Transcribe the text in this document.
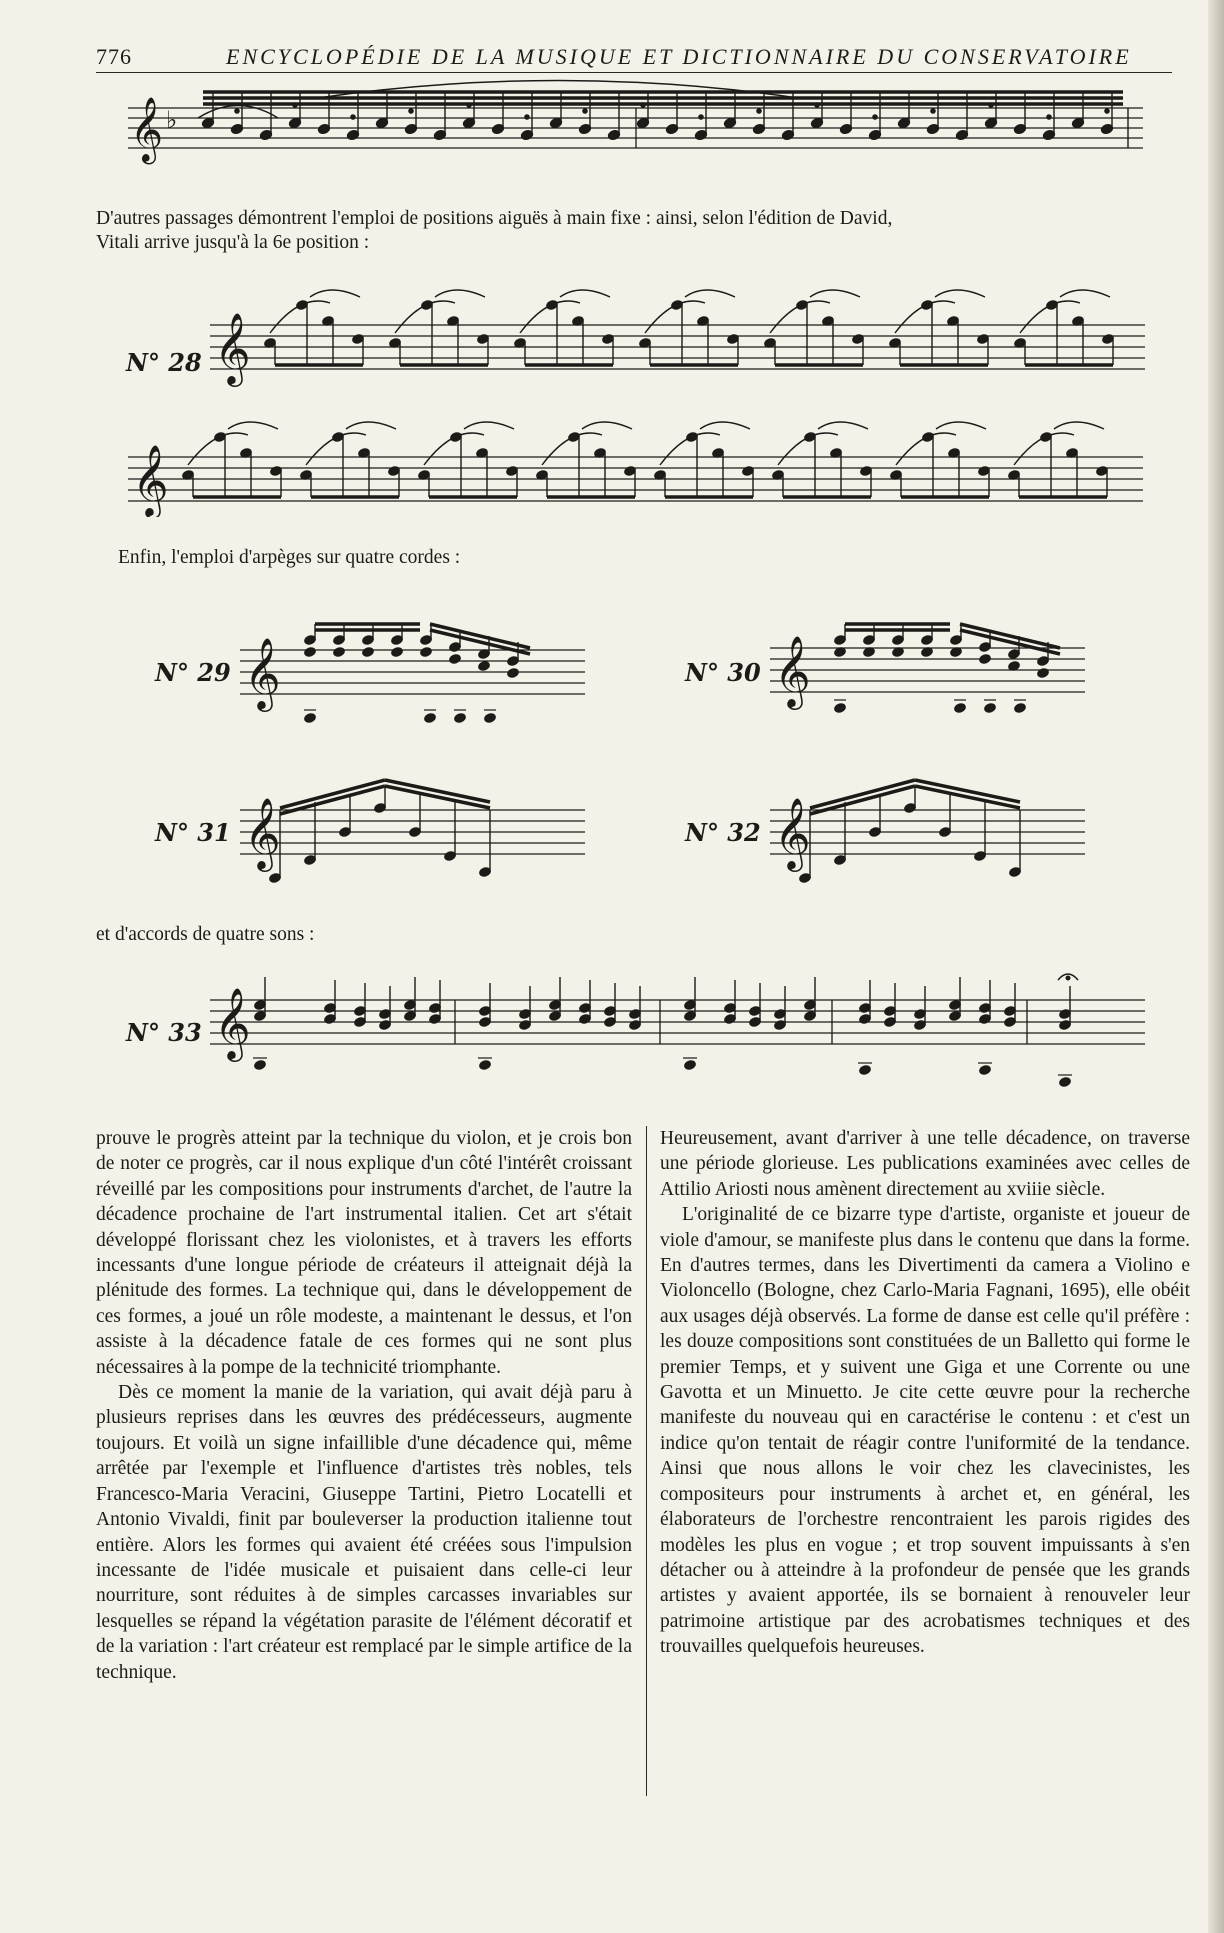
776	ENCYCLOPÉDIE DE LA MUSIQUE ET DICTIONNAIRE DU CONSERVATOIRE
𝄞 ♭
D'autres passages démontrent l'emploi de positions aiguës à main fixe : ainsi, selon l'édition de David,
Vitali arrive jusqu'à la 6e position :
N° 28 𝄞
𝄞
Enfin, l'emploi d'arpèges sur quatre cordes :
N° 29 𝄞	N° 30 𝄞
N° 31 𝄞	N° 32 𝄞
et d'accords de quatre sons :
N° 33 𝄞

prouve le progrès atteint par la technique du violon, et je crois bon de noter ce progrès, car il nous explique d'un côté l'intérêt croissant réveillé par les compositions pour instruments d'archet, de l'autre la décadence prochaine de l'art instrumental italien. Cet art s'était développé florissant chez les violonistes, et à travers les efforts incessants d'une longue période de créateurs il atteignait déjà la plénitude des formes. La technique qui, dans le développement de ces formes, a joué un rôle modeste, a maintenant le dessus, et l'on assiste à la décadence fatale de ces formes qui ne sont plus nécessaires à la pompe de la technicité triomphante.

Dès ce moment la manie de la variation, qui avait déjà paru à plusieurs reprises dans les œuvres des prédécesseurs, augmente toujours. Et voilà un signe infaillible d'une décadence qui, même arrêtée par l'exemple et l'influence d'artistes très nobles, tels Francesco-Maria Veracini, Giuseppe Tartini, Pietro Locatelli et Antonio Vivaldi, finit par bouleverser la production italienne tout entière. Alors les formes qui avaient été créées sous l'impulsion incessante de l'idée musicale et puisaient dans celle-ci leur nourriture, sont réduites à de simples carcasses invariables sur lesquelles se répand la végétation parasite de l'élément décoratif et de la variation : l'art créateur est remplacé par le simple artifice de la technique.

Heureusement, avant d'arriver à une telle décadence, on traverse une période glorieuse. Les publications examinées avec celles de Attilio Ariosti nous amènent directement au xviiie siècle.

L'originalité de ce bizarre type d'artiste, organiste et joueur de viole d'amour, se manifeste plus dans le contenu que dans la forme. En d'autres termes, dans les Divertimenti da camera a Violino e Violoncello (Bologne, chez Carlo-Maria Fagnani, 1695), elle obéit aux usages déjà observés. La forme de danse est celle qu'il préfère : les douze compositions sont constituées de un Balletto qui forme le premier Temps, et y suivent une Giga et une Corrente ou une Gavotta et un Minuetto. Je cite cette œuvre pour la recherche manifeste du nouveau qui en caractérise le contenu : et c'est un indice qu'on tentait de réagir contre l'uniformité de la tendance. Ainsi que nous allons le voir chez les clavecinistes, les compositeurs pour instruments à archet et, en général, les élaborateurs de l'orchestre rencontraient les parois rigides des modèles les plus en vogue ; et trop souvent impuissants à s'en détacher ou à atteindre à la profondeur de pensée que les grands artistes y avaient apportée, ils se bornaient à renouveler leur patrimoine artistique par des acrobatismes techniques et des trouvailles quelquefois heureuses.
